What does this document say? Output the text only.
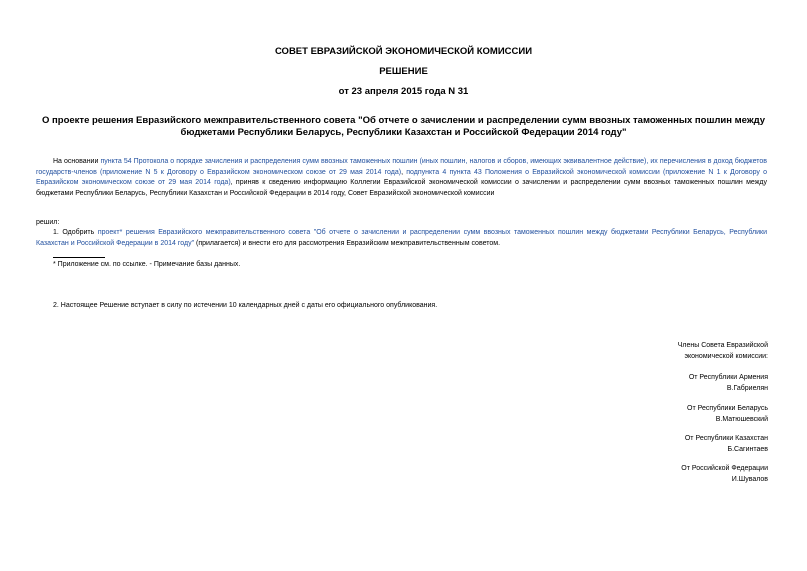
СОВЕТ ЕВРАЗИЙСКОЙ ЭКОНОМИЧЕСКОЙ КОМИССИИ
РЕШЕНИЕ
от 23 апреля 2015 года N 31
О проекте решения Евразийского межправительственного совета "Об отчете о зачислении и распределении сумм ввозных таможенных пошлин между бюджетами Республики Беларусь, Республики Казахстан и Российской Федерации 2014 году"
На основании пункта 54 Протокола о порядке зачисления и распределения сумм ввозных таможенных пошлин (иных пошлин, налогов и сборов, имеющих эквивалентное действие), их перечисления в доход бюджетов государств-членов (приложение N 5 к Договору о Евразийском экономическом союзе от 29 мая 2014 года), подпункта 4 пункта 43 Положения о Евразийской экономической комиссии (приложение N 1 к Договору о Евразийском экономическом союзе от 29 мая 2014 года), приняв к сведению информацию Коллегии Евразийской экономической комиссии о зачислении и распределении сумм ввозных таможенных пошлин между бюджетами Республики Беларусь, Республики Казахстан и Российской Федерации в 2014 году, Совет Евразийской экономической комиссии
решил:
1. Одобрить проект* решения Евразийского межправительственного совета "Об отчете о зачислении и распределении сумм ввозных таможенных пошлин между бюджетами Республики Беларусь, Республики Казахстан и Российской Федерации в 2014 году" (прилагается) и внести его для рассмотрения Евразийским межправительственным советом.
* Приложение см. по ссылке. - Примечание базы данных.
2. Настоящее Решение вступает в силу по истечении 10 календарных дней с даты его официального опубликования.
Члены Совета Евразийской
экономической комиссии:
От Республики Армения
В.Габриелян
От Республики Беларусь
В.Матюшевский
От Республики Казахстан
Б.Сагинтаев
От Российской Федерации
И.Шувалов
